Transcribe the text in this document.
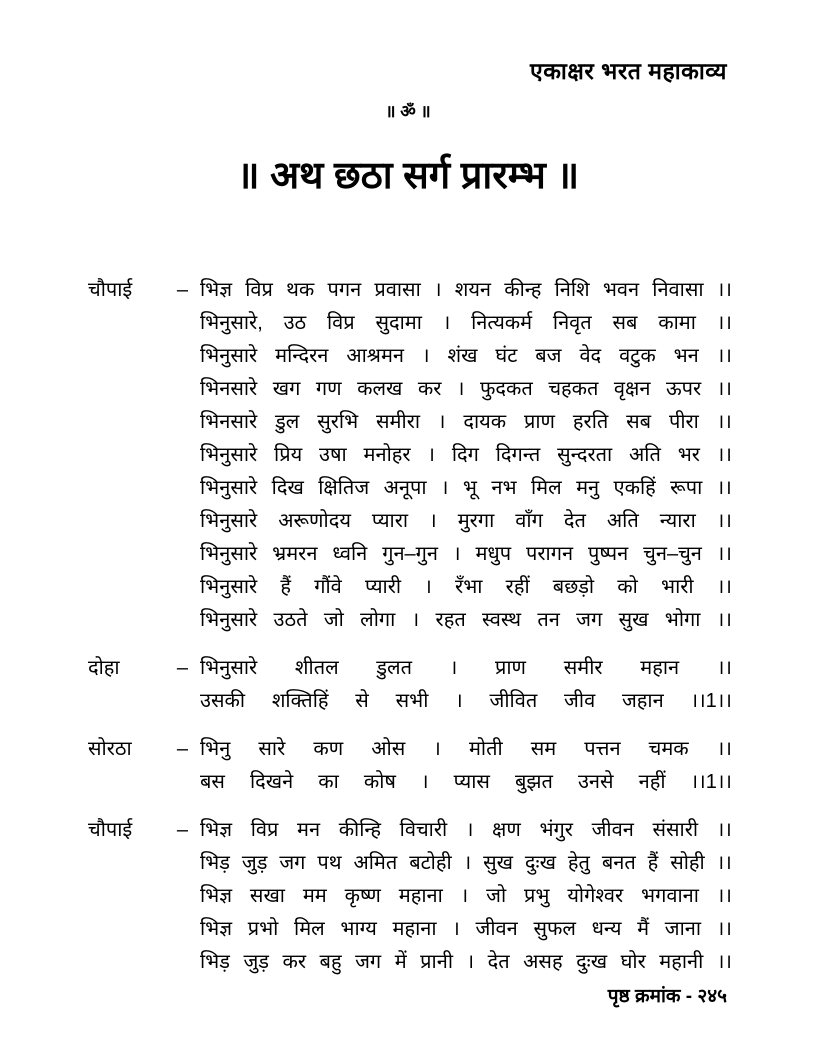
एकाक्षर भरत महाकाव्य
॥ ॐ ॥
॥ अथ छठा सर्ग प्रारम्भ ॥
चौपाई – भिज्ञ विप्र थक पगन प्रवासा । शयन कीन्ह निशि भवन निवासा ।।
भिनुसारे, उठ विप्र सुदामा । नित्यकर्म निवृत सब कामा ।।
भिनुसारे मन्दिरन आश्रमन । शंख घंट बज वेद वटुक भन ।।
भिनसारे खग गण कलख कर । फुदकत चहकत वृक्षन ऊपर ।।
भिनसारे डुल सुरभि समीरा । दायक प्राण हरति सब पीरा ।।
भिनुसारे प्रिय उषा मनोहर । दिग दिगन्त सुन्दरता अति भर ।।
भिनुसारे दिख क्षितिज अनूपा । भू नभ मिल मनु एकहिं रूपा ।।
भिनुसारे अरूणोदय प्यारा । मुरगा वाँग देत अति न्यारा ।।
भिनुसारे भ्रमरन ध्वनि गुन–गुन । मधुप परागन पुष्पन चुन–चुन ।।
भिनुसारे हैं गौंवे प्यारी । रँभा रहीं बछड़ो को भारी ।।
भिनुसारे उठते जो लोगा । रहत स्वस्थ तन जग सुख भोगा ।।
दोहा	– भिनुसारे शीतल डुलत । प्राण समीर महान ।।
उसकी शक्तिहिं से सभी । जीवित जीव जहान ।।1।।
सोरठा – भिनु सारे कण ओस । मोती सम पत्तन चमक ।।
बस दिखने का कोष । प्यास बुझत उनसे नहीं ।।1।।
चौपाई – भिज्ञ विप्र मन कीन्हि विचारी । क्षण भंगुर जीवन संसारी ।।
भिड़ जुड़ जग पथ अमित बटोही । सुख दुःख हेतु बनत हैं सोही ।।
भिज्ञ सखा मम कृष्ण महाना । जो प्रभु योगेश्वर भगवाना ।।
भिज्ञ प्रभो मिल भाग्य महाना । जीवन सुफल धन्य मैं जाना ।।
भिड़ जुड़ कर बहु जग में प्रानी । देत असह दुःख घोर महानी ।।
पृष्ठ क्रमांक - २४५
